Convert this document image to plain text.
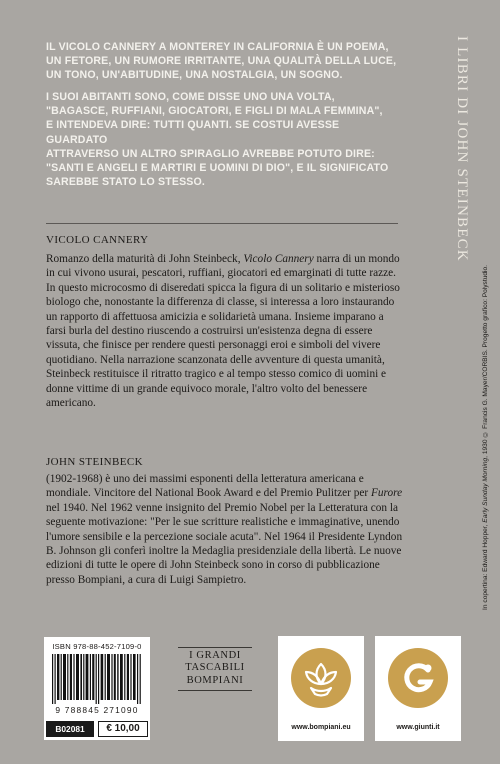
IL VICOLO CANNERY A MONTEREY IN CALIFORNIA È UN POEMA,
UN FETORE, UN RUMORE IRRITANTE, UNA QUALITÀ DELLA LUCE,
UN TONO, UN'ABITUDINE, UNA NOSTALGIA, UN SOGNO.

I SUOI ABITANTI SONO, COME DISSE UNO UNA VOLTA,
"BAGASCE, RUFFIANI, GIOCATORI, E FIGLI DI MALA FEMMINA",
E INTENDEVA DIRE: TUTTI QUANTI. SE COSTUI AVESSE GUARDATO
ATTRAVERSO UN ALTRO SPIRAGLIO AVREBBE POTUTO DIRE:
"SANTI E ANGELI E MARTIRI E UOMINI DI DIO", E IL SIGNIFICATO
SAREBBE STATO LO STESSO.	I LIBRI DI JOHN STEINBECK
VICOLO CANNERY
Romanzo della maturità di John Steinbeck, Vicolo Cannery narra di un mondo in cui vivono usurai, pescatori, ruffiani, giocatori ed emarginati di tutte razze. In questo microcosmo di diseredati spicca la figura di un solitario e misterioso biologo che, nonostante la differenza di classe, si interessa a loro instaurando un rapporto di affettuosa amicizia e solidarietà umana. Insieme imparano a farsi burla del destino riuscendo a costruirsi un'esistenza degna di essere vissuta, che finisce per rendere questi personaggi eroi e simboli del vivere quotidiano. Nella narrazione scanzonata delle avventure di questa umanità, Steinbeck restituisce il ritratto tragico e al tempo stesso comico di uomini e donne vittime di un grande equivoco morale, l'altro volto del benessere americano.
JOHN STEINBECK
(1902-1968) è uno dei massimi esponenti della letteratura americana e mondiale. Vincitore del National Book Award e del Premio Pulitzer per Furore nel 1940. Nel 1962 venne insignito del Premio Nobel per la Letteratura con la seguente motivazione: "Per le sue scritture realistiche e immaginative, unendo l'umore sensibile e la percezione sociale acuta". Nel 1964 il Presidente Lyndon B. Johnson gli conferì inoltre la Medaglia presidenziale della libertà. Le nuove edizioni di tutte le opere di John Steinbeck sono in corso di pubblicazione presso Bompiani, a cura di Luigi Sampietro.	In copertina: Edward Hopper, Early Sunday Morning, 1930 © Francis G. Mayer/CORBIS. Progetto grafico: Polystudio.
ISBN 978-88-452-7109-0
9 788845 271090
B02081	€ 10,00
I GRANDI
TASCABILI
BOMPIANI
www.bompiani.eu	www.giunti.it
